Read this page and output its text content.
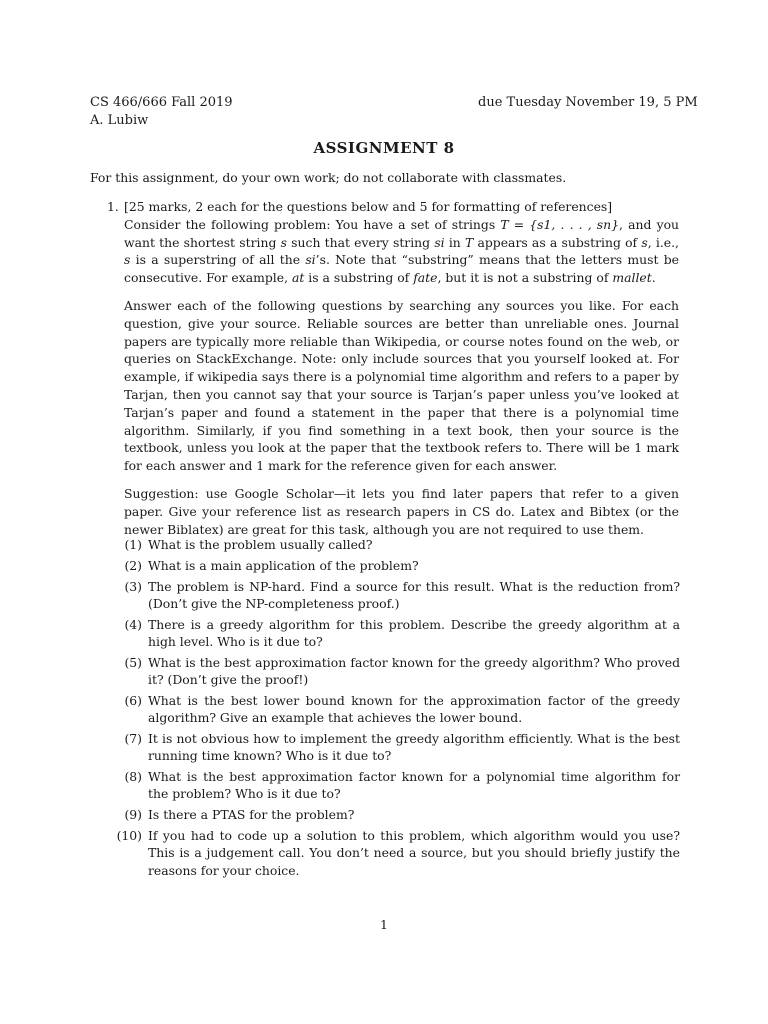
CS 466/666 Fall 2019
A. Lubiw
due Tuesday November 19, 5 PM
ASSIGNMENT 8
For this assignment, do your own work; do not collaborate with classmates.
1. [25 marks, 2 each for the questions below and 5 for formatting of references]

Consider the following problem: You have a set of strings T = {s1, . . . , sn}, and you want the shortest string s such that every string si in T appears as a substring of s, i.e., s is a superstring of all the si’s. Note that “substring” means that the letters must be consecutive. For example, at is a substring of fate, but it is not a substring of mallet.

Answer each of the following questions by searching any sources you like. For each question, give your source. Reliable sources are better than unreliable ones. Journal papers are typically more reliable than Wikipedia, or course notes found on the web, or queries on StackExchange. Note: only include sources that you yourself looked at. For example, if wikipedia says there is a polynomial time algorithm and refers to a paper by Tarjan, then you cannot say that your source is Tarjan’s paper unless you’ve looked at Tarjan’s paper and found a statement in the paper that there is a polynomial time algorithm. Similarly, if you find something in a text book, then your source is the textbook, unless you look at the paper that the textbook refers to. There will be 1 mark for each answer and 1 mark for the reference given for each answer.

Suggestion: use Google Scholar—it lets you find later papers that refer to a given paper. Give your reference list as research papers in CS do. Latex and Bibtex (or the newer Biblatex) are great for this task, although you are not required to use them.

(1) What is the problem usually called?
(2) What is a main application of the problem?
(3) The problem is NP-hard. Find a source for this result. What is the reduction from? (Don’t give the NP-completeness proof.)
(4) There is a greedy algorithm for this problem. Describe the greedy algorithm at a high level. Who is it due to?
(5) What is the best approximation factor known for the greedy algorithm? Who proved it? (Don’t give the proof!)
(6) What is the best lower bound known for the approximation factor of the greedy algorithm? Give an example that achieves the lower bound.
(7) It is not obvious how to implement the greedy algorithm efficiently. What is the best running time known? Who is it due to?
(8) What is the best approximation factor known for a polynomial time algorithm for the problem? Who is it due to?
(9) Is there a PTAS for the problem?
(10) If you had to code up a solution to this problem, which algorithm would you use? This is a judgement call. You don’t need a source, but you should briefly justify the reasons for your choice.
1
